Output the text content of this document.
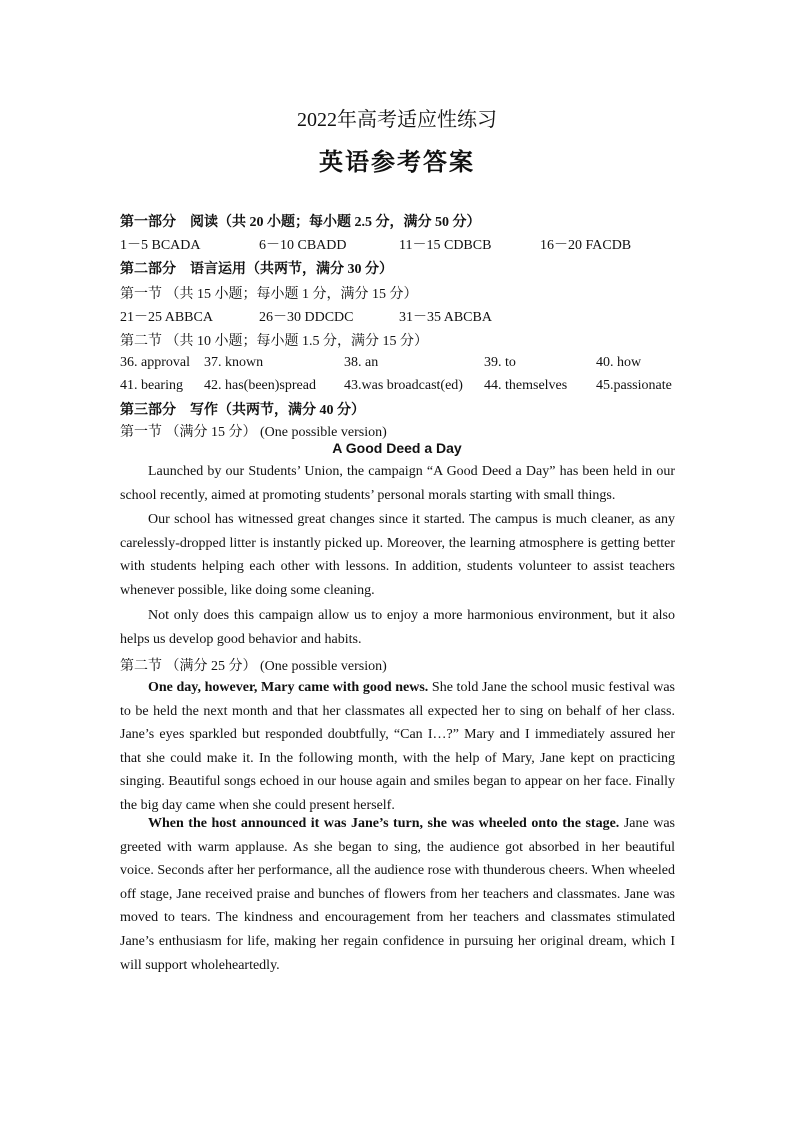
2022年高考适应性练习
英语参考答案
第一部分　阅读（共 20 小题；每小题 2.5 分，满分 50 分）
1－5 BCADA	6－10 CBADD	11－15 CDBCB	16－20 FACDB
第二部分　语言运用（共两节，满分 30 分）
第一节 （共 15 小题；每小题 1 分，满分 15 分）
21－25 ABBCA	26－30 DDCDC	31－35 ABCBA
第二节 （共 10 小题；每小题 1.5 分，满分 15 分）
36. approval 37. known	38. an	39. to	40. how
41. bearing 42. has(been)spread 43.was broadcast(ed) 44. themselves 45.passionate
第三部分　写作（共两节，满分 40 分）
第一节 （满分 15 分） (One possible version)
A Good Deed a Day
Launched by our Students’ Union, the campaign “A Good Deed a Day” has been held in our school recently, aimed at promoting students’ personal morals starting with small things.
Our school has witnessed great changes since it started. The campus is much cleaner, as any carelessly-dropped litter is instantly picked up. Moreover, the learning atmosphere is getting better with students helping each other with lessons. In addition, students volunteer to assist teachers whenever possible, like doing some cleaning.
Not only does this campaign allow us to enjoy a more harmonious environment, but it also helps us develop good behavior and habits.
第二节 （满分 25 分） (One possible version)
One day, however, Mary came with good news. She told Jane the school music festival was to be held the next month and that her classmates all expected her to sing on behalf of her class. Jane’s eyes sparkled but responded doubtfully, “Can I…?” Mary and I immediately assured her that she could make it. In the following month, with the help of Mary, Jane kept on practicing singing. Beautiful songs echoed in our house again and smiles began to appear on her face. Finally the big day came when she could present herself.
When the host announced it was Jane’s turn, she was wheeled onto the stage. Jane was greeted with warm applause. As she began to sing, the audience got absorbed in her beautiful voice. Seconds after her performance, all the audience rose with thunderous cheers. When wheeled off stage, Jane received praise and bunches of flowers from her teachers and classmates. Jane was moved to tears. The kindness and encouragement from her teachers and classmates stimulated Jane’s enthusiasm for life, making her regain confidence in pursuing her original dream, which I will support wholeheartedly.
